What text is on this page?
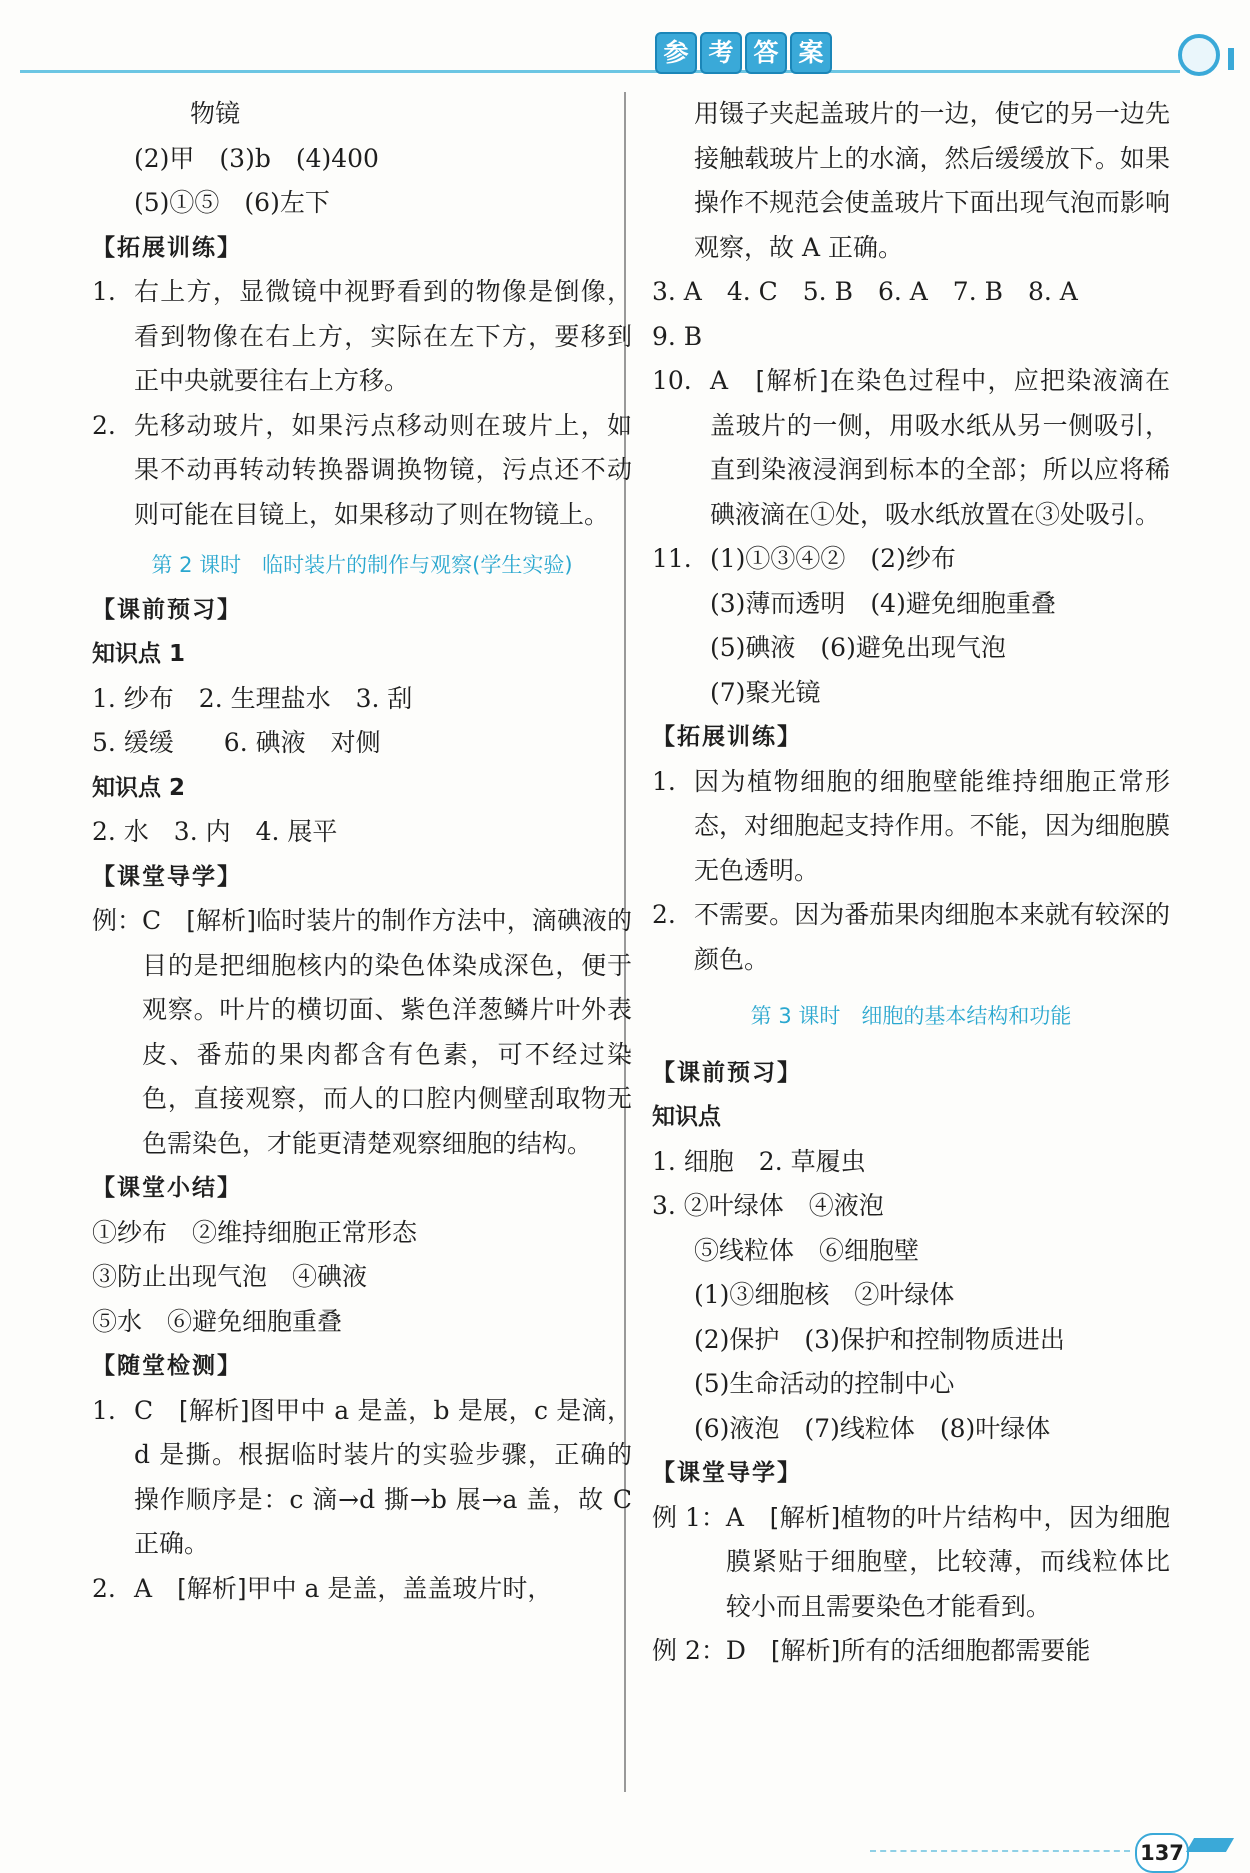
参 考 答 案
物镜
(2)甲　(3)b　(4)400
(5)①⑤　(6)左下
【拓展训练】
1. 右上方，显微镜中视野看到的物像是倒像，看到物像在右上方，实际在左下方，要移到正中央就要往右上方移。
2. 先移动玻片，如果污点移动则在玻片上，如果不动再转动转换器调换物镜，污点还不动则可能在目镜上，如果移动了则在物镜上。
第 2 课时　临时装片的制作与观察(学生实验)
【课前预习】
知识点 1
1. 纱布　2. 生理盐水　3. 刮
5. 缓缓　　6. 碘液　对侧
知识点 2
2. 水　3. 内　4. 展平
【课堂导学】
例： C　[解析]临时装片的制作方法中，滴碘液的目的是把细胞核内的染色体染成深色，便于观察。叶片的横切面、紫色洋葱鳞片叶外表皮、番茄的果肉都含有色素，可不经过染色，直接观察，而人的口腔内侧壁刮取物无色需染色，才能更清楚观察细胞的结构。
【课堂小结】
①纱布　②维持细胞正常形态
③防止出现气泡　④碘液
⑤水　⑥避免细胞重叠
【随堂检测】
1. C　[解析]图甲中 a 是盖，b 是展，c 是滴，d 是撕。根据临时装片的实验步骤，正确的操作顺序是：c 滴→d 撕→b 展→a 盖，故 C 正确。
2. A　[解析]甲中 a 是盖，盖盖玻片时，
用镊子夹起盖玻片的一边，使它的另一边先接触载玻片上的水滴，然后缓缓放下。如果操作不规范会使盖玻片下面出现气泡而影响观察，故 A 正确。
3. A　4. C　5. B　6. A　7. B　8. A
9. B
10. A　[解析]在染色过程中，应把染液滴在盖玻片的一侧，用吸水纸从另一侧吸引，直到染液浸润到标本的全部；所以应将稀碘液滴在①处，吸水纸放置在③处吸引。
11. (1)①③④②　(2)纱布
(3)薄而透明　(4)避免细胞重叠
(5)碘液　(6)避免出现气泡
(7)聚光镜
【拓展训练】
1. 因为植物细胞的细胞壁能维持细胞正常形态，对细胞起支持作用。不能，因为细胞膜无色透明。
2. 不需要。因为番茄果肉细胞本来就有较深的颜色。
第 3 课时　细胞的基本结构和功能
【课前预习】
知识点
1. 细胞　2. 草履虫
3. ②叶绿体　④液泡
⑤线粒体　⑥细胞壁
(1)③细胞核　②叶绿体
(2)保护　(3)保护和控制物质进出
(5)生命活动的控制中心
(6)液泡　(7)线粒体　(8)叶绿体
【课堂导学】
例 1： A　[解析]植物的叶片结构中，因为细胞膜紧贴于细胞壁，比较薄，而线粒体比较小而且需要染色才能看到。
例 2： D　[解析]所有的活细胞都需要能
137
